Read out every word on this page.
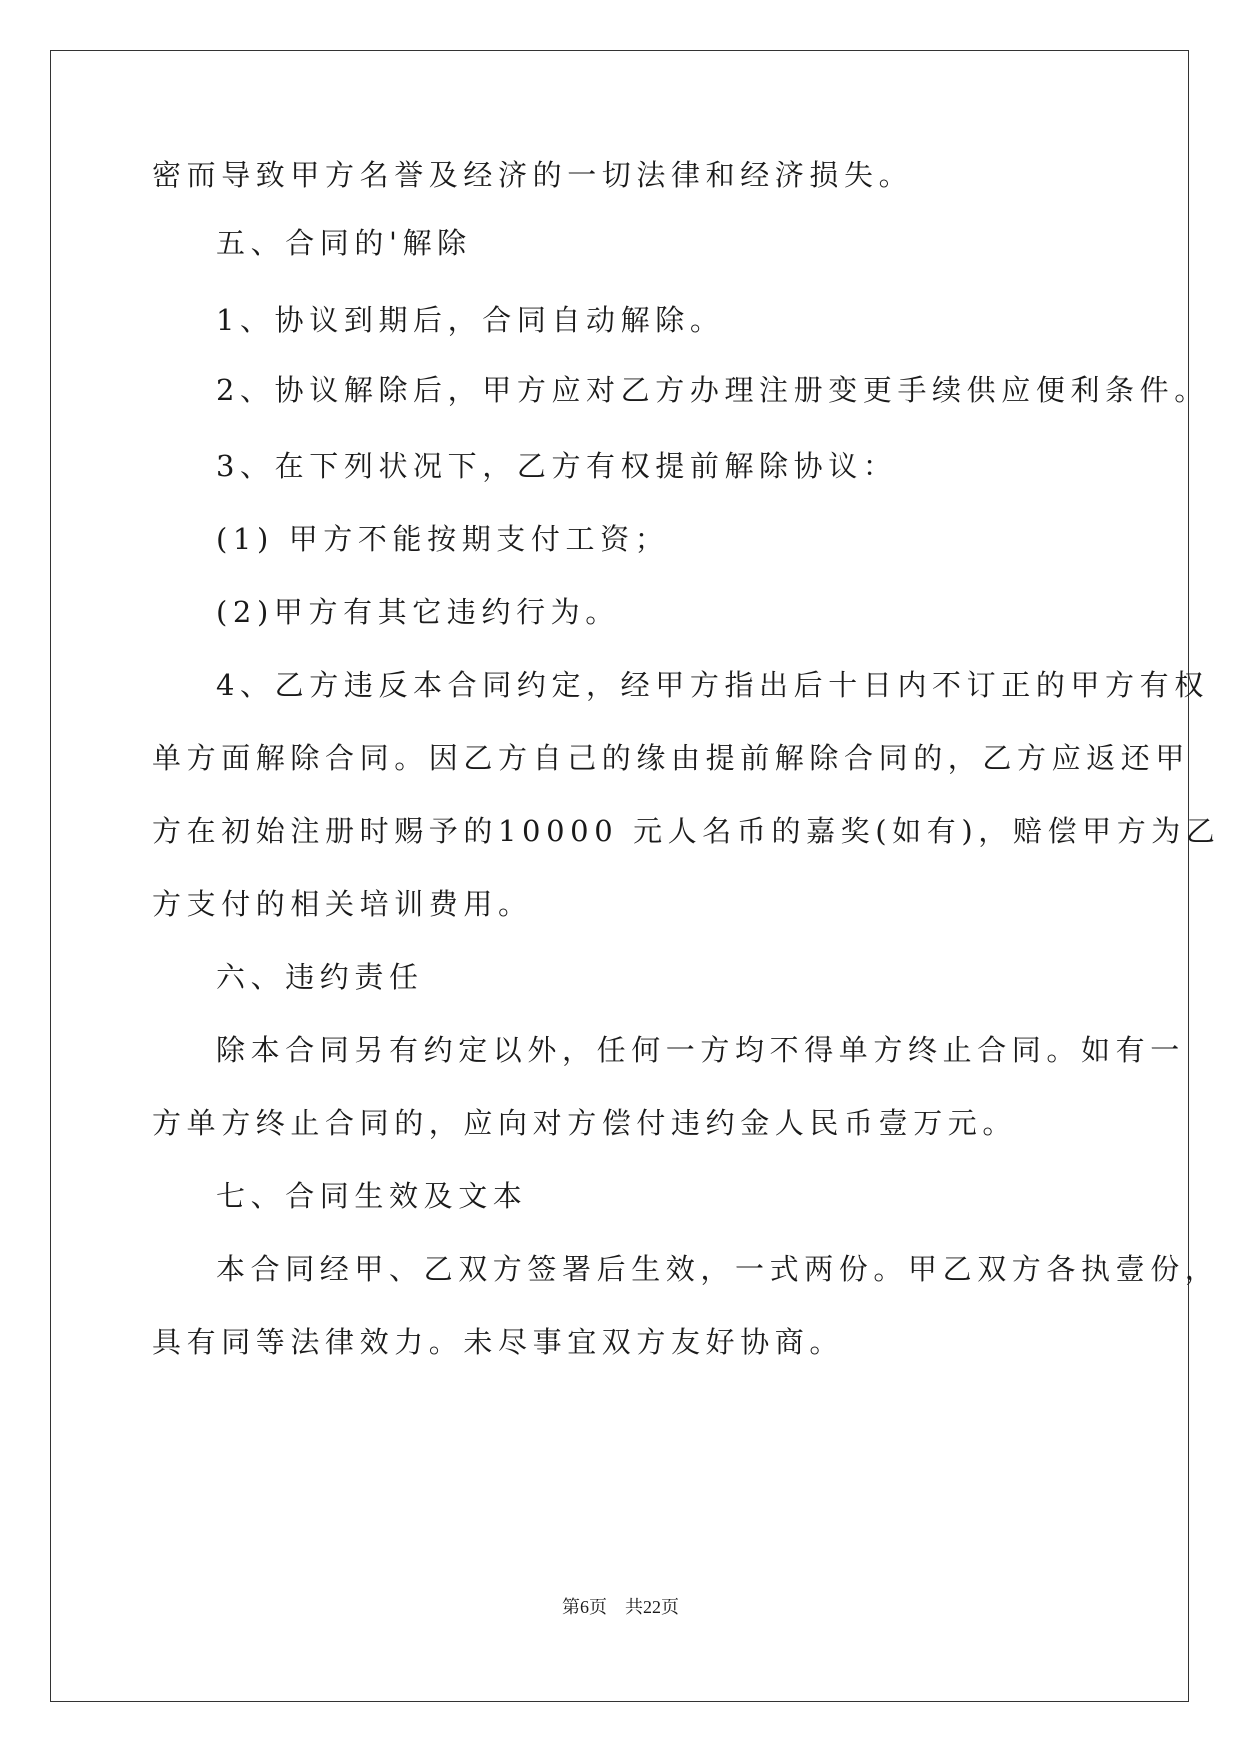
密而导致甲方名誉及经济的一切法律和经济损失。
五、合同的'解除
1、协议到期后，合同自动解除。
2、协议解除后，甲方应对乙方办理注册变更手续供应便利条件。
3、在下列状况下，乙方有权提前解除协议：
(1) 甲方不能按期支付工资；
(2)甲方有其它违约行为。
4、乙方违反本合同约定，经甲方指出后十日内不订正的甲方有权
单方面解除合同。因乙方自己的缘由提前解除合同的，乙方应返还甲
方在初始注册时赐予的10000 元人名币的嘉奖(如有)，赔偿甲方为乙
方支付的相关培训费用。
六、违约责任
除本合同另有约定以外，任何一方均不得单方终止合同。如有一
方单方终止合同的，应向对方偿付违约金人民币壹万元。
七、合同生效及文本
本合同经甲、乙双方签署后生效，一式两份。甲乙双方各执壹份，
具有同等法律效力。未尽事宜双方友好协商。
第6页 共22页
